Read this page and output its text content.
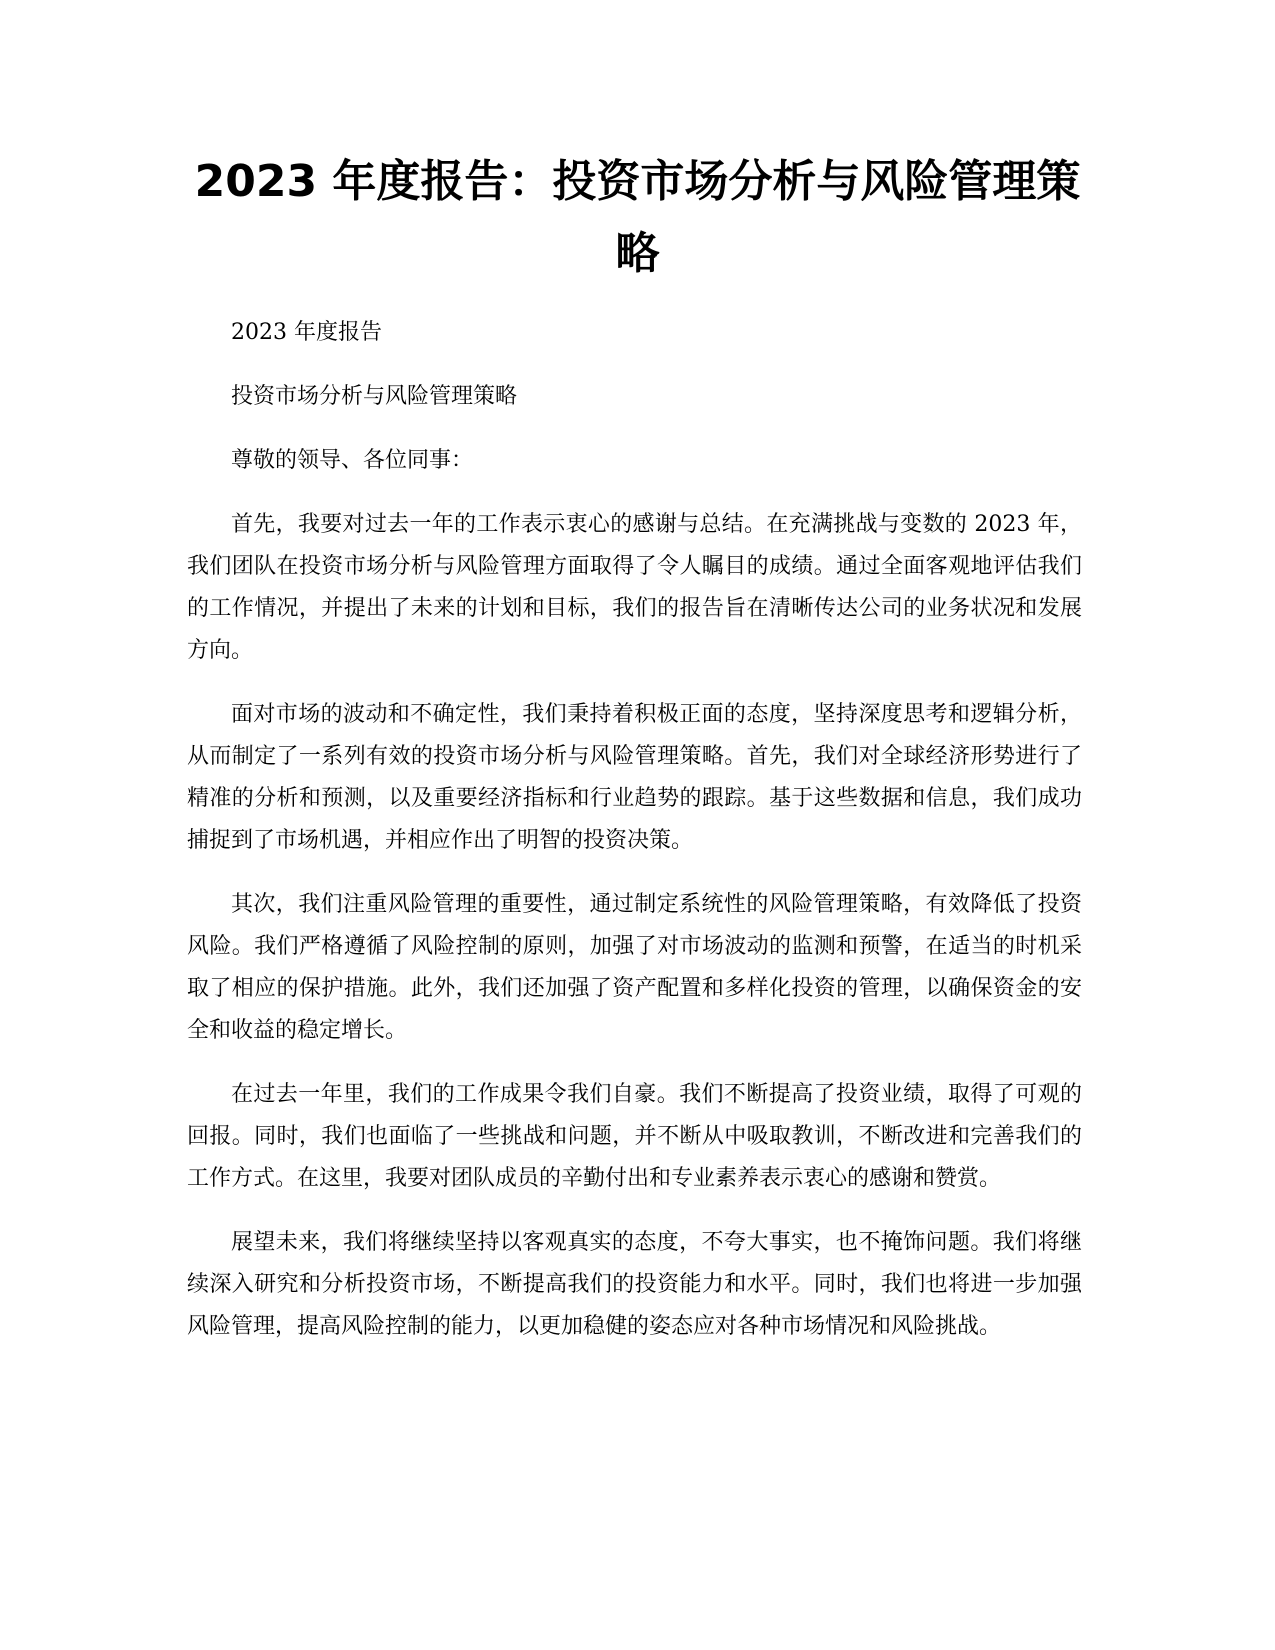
2023 年度报告：投资市场分析与风险管理策略

2023 年度报告

投资市场分析与风险管理策略

尊敬的领导、各位同事：

首先，我要对过去一年的工作表示衷心的感谢与总结。在充满挑战与变数的 2023 年，我们团队在投资市场分析与风险管理方面取得了令人瞩目的成绩。通过全面客观地评估我们的工作情况，并提出了未来的计划和目标，我们的报告旨在清晰传达公司的业务状况和发展方向。

面对市场的波动和不确定性，我们秉持着积极正面的态度，坚持深度思考和逻辑分析，从而制定了一系列有效的投资市场分析与风险管理策略。首先，我们对全球经济形势进行了精准的分析和预测，以及重要经济指标和行业趋势的跟踪。基于这些数据和信息，我们成功捕捉到了市场机遇，并相应作出了明智的投资决策。

其次，我们注重风险管理的重要性，通过制定系统性的风险管理策略，有效降低了投资风险。我们严格遵循了风险控制的原则，加强了对市场波动的监测和预警，在适当的时机采取了相应的保护措施。此外，我们还加强了资产配置和多样化投资的管理，以确保资金的安全和收益的稳定增长。

在过去一年里，我们的工作成果令我们自豪。我们不断提高了投资业绩，取得了可观的回报。同时，我们也面临了一些挑战和问题，并不断从中吸取教训，不断改进和完善我们的工作方式。在这里，我要对团队成员的辛勤付出和专业素养表示衷心的感谢和赞赏。

展望未来，我们将继续坚持以客观真实的态度，不夸大事实，也不掩饰问题。我们将继续深入研究和分析投资市场，不断提高我们的投资能力和水平。同时，我们也将进一步加强风险管理，提高风险控制的能力，以更加稳健的姿态应对各种市场情况和风险挑战。
